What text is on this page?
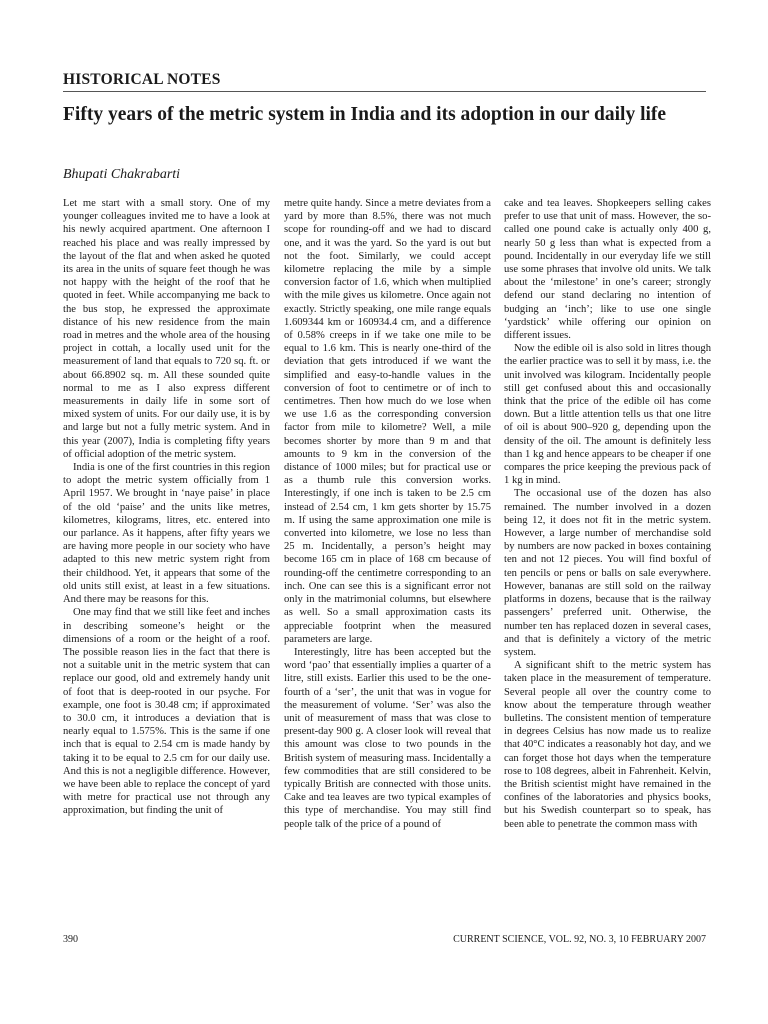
HISTORICAL NOTES

Fifty years of the metric system in India and its adoption in our daily life

Bhupati Chakrabarti

Let me start with a small story. One of my younger colleagues invited me to have a look at his newly acquired apartment. One afternoon I reached his place and was really impressed by the layout of the flat and when asked he quoted its area in the units of square feet though he was not happy with the height of the roof that he quoted in feet. While accompanying me back to the bus stop, he expressed the approximate distance of his new residence from the main road in metres and the whole area of the housing project in cottah, a locally used unit for the measurement of land that equals to 720 sq. ft. or about 66.8902 sq. m. All these sounded quite normal to me as I also express different measurements in daily life in some sort of mixed system of units. For our daily use, it is by and large but not a fully metric system. And in this year (2007), India is completing fifty years of official adoption of the metric system.

India is one of the first countries in this region to adopt the metric system officially from 1 April 1957. We brought in ‘naye paise’ in place of the old ‘paise’ and the units like metres, kilometres, kilograms, litres, etc. entered into our parlance. As it happens, after fifty years we are having more people in our society who have adapted to this new metric system right from their childhood. Yet, it appears that some of the old units still exist, at least in a few situations. And there may be reasons for this.

One may find that we still like feet and inches in describing someone’s height or the dimensions of a room or the height of a roof. The possible reason lies in the fact that there is not a suitable unit in the metric system that can replace our good, old and extremely handy unit of foot that is deep-rooted in our psyche. For example, one foot is 30.48 cm; if approximated to 30.0 cm, it introduces a deviation that is nearly equal to 1.575%. This is the same if one inch that is equal to 2.54 cm is made handy by taking it to be equal to 2.5 cm for our daily use. And this is not a negligible difference. However, we have been able to replace the concept of yard with metre for practical use not through any approximation, but finding the unit of

metre quite handy. Since a metre deviates from a yard by more than 8.5%, there was not much scope for rounding-off and we had to discard one, and it was the yard. So the yard is out but not the foot. Similarly, we could accept kilometre replacing the mile by a simple conversion factor of 1.6, which when multiplied with the mile gives us kilometre. Once again not exactly. Strictly speaking, one mile range equals 1.609344 km or 160934.4 cm, and a difference of 0.58% creeps in if we take one mile to be equal to 1.6 km. This is nearly one-third of the deviation that gets introduced if we want the simplified and easy-to-handle values in the conversion of foot to centimetre or of inch to centimetres. Then how much do we lose when we use 1.6 as the corresponding conversion factor from mile to kilometre? Well, a mile becomes shorter by more than 9 m and that amounts to 9 km in the conversion of the distance of 1000 miles; but for practical use or as a thumb rule this conversion works. Interestingly, if one inch is taken to be 2.5 cm instead of 2.54 cm, 1 km gets shorter by 15.75 m. If using the same approximation one mile is converted into kilometre, we lose no less than 25 m. Incidentally, a person’s height may become 165 cm in place of 168 cm because of rounding-off the centimetre corresponding to an inch. One can see this is a significant error not only in the matrimonial columns, but elsewhere as well. So a small approximation casts its appreciable footprint when the measured parameters are large.

Interestingly, litre has been accepted but the word ‘pao’ that essentially implies a quarter of a litre, still exists. Earlier this used to be the one-fourth of a ‘ser’, the unit that was in vogue for the measurement of volume. ‘Ser’ was also the unit of measurement of mass that was close to present-day 900 g. A closer look will reveal that this amount was close to two pounds in the British system of measuring mass. Incidentally a few commodities that are still considered to be typically British are connected with those units. Cake and tea leaves are two typical examples of this type of merchandise. You may still find people talk of the price of a pound of

cake and tea leaves. Shopkeepers selling cakes prefer to use that unit of mass. However, the so-called one pound cake is actually only 400 g, nearly 50 g less than what is expected from a pound. Incidentally in our everyday life we still use some phrases that involve old units. We talk about the ‘milestone’ in one’s career; strongly defend our stand declaring no intention of budging an ‘inch’; like to use one single ‘yardstick’ while offering our opinion on different issues.

Now the edible oil is also sold in litres though the earlier practice was to sell it by mass, i.e. the unit involved was kilogram. Incidentally people still get confused about this and occasionally think that the price of the edible oil has come down. But a little attention tells us that one litre of oil is about 900–920 g, depending upon the density of the oil. The amount is definitely less than 1 kg and hence appears to be cheaper if one compares the price keeping the previous pack of 1 kg in mind.

The occasional use of the dozen has also remained. The number involved in a dozen being 12, it does not fit in the metric system. However, a large number of merchandise sold by numbers are now packed in boxes containing ten and not 12 pieces. You will find boxful of ten pencils or pens or balls on sale everywhere. However, bananas are still sold on the railway platforms in dozens, because that is the railway passengers’ preferred unit. Otherwise, the number ten has replaced dozen in several cases, and that is definitely a victory of the metric system.

A significant shift to the metric system has taken place in the measurement of temperature. Several people all over the country come to know about the temperature through weather bulletins. The consistent mention of temperature in degrees Celsius has now made us to realize that 40°C indicates a reasonably hot day, and we can forget those hot days when the temperature rose to 108 degrees, albeit in Fahrenheit. Kelvin, the British scientist might have remained in the confines of the laboratories and physics books, but his Swedish counterpart so to speak, has been able to penetrate the common mass with

390	CURRENT SCIENCE, VOL. 92, NO. 3, 10 FEBRUARY 2007
